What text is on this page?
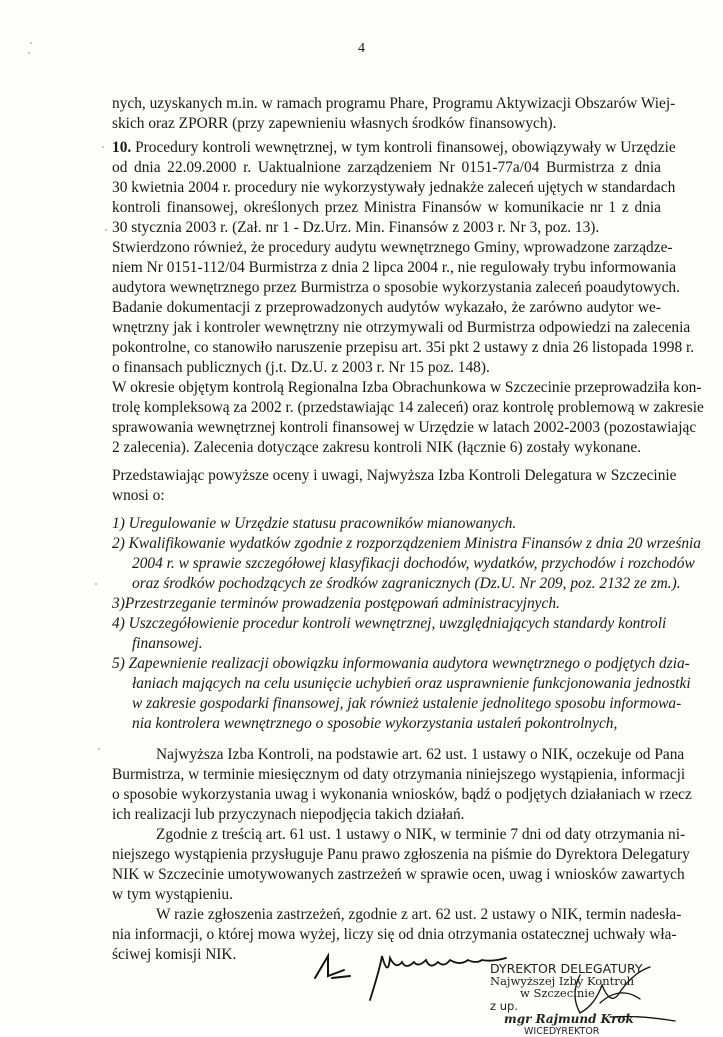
4
nych, uzyskanych m.in. w ramach programu Phare, Programu Aktywizacji Obszarów Wiej-
skich oraz ZPORR (przy zapewnieniu własnych środków finansowych).
10. Procedury kontroli wewnętrznej, w tym kontroli finansowej, obowiązywały w Urzędzie
od dnia 22.09.2000 r. Uaktualnione zarządzeniem Nr 0151-77a/04 Burmistrza z dnia
30 kwietnia 2004 r. procedury nie wykorzystywały jednakże zaleceń ujętych w standardach
kontroli finansowej, określonych przez Ministra Finansów w komunikacie nr 1 z dnia
30 stycznia 2003 r. (Zał. nr 1 - Dz.Urz. Min. Finansów z 2003 r. Nr 3, poz. 13).
Stwierdzono również, że procedury audytu wewnętrznego Gminy, wprowadzone zarządze-
niem Nr 0151-112/04 Burmistrza z dnia 2 lipca 2004 r., nie regulowały trybu informowania
audytora wewnętrznego przez Burmistrza o sposobie wykorzystania zaleceń poaudytowych.
Badanie dokumentacji z przeprowadzonych audytów wykazało, że zarówno audytor we-
wnętrzny jak i kontroler wewnętrzny nie otrzymywali od Burmistrza odpowiedzi na zalecenia
pokontrolne, co stanowiło naruszenie przepisu art. 35i pkt 2 ustawy z dnia 26 listopada 1998 r.
o finansach publicznych (j.t. Dz.U. z 2003 r. Nr 15 poz. 148).
W okresie objętym kontrolą Regionalna Izba Obrachunkowa w Szczecinie przeprowadziła kon-
trolę kompleksową za 2002 r. (przedstawiając 14 zaleceń) oraz kontrolę problemową w zakresie
sprawowania wewnętrznej kontroli finansowej w Urzędzie w latach 2002-2003 (pozostawiając
2 zalecenia). Zalecenia dotyczące zakresu kontroli NIK (łącznie 6) zostały wykonane.
Przedstawiając powyższe oceny i uwagi, Najwyższa Izba Kontroli Delegatura w Szczecinie
wnosi o:
1) Uregulowanie w Urzędzie statusu pracowników mianowanych.
2) Kwalifikowanie wydatków zgodnie z rozporządzeniem Ministra Finansów z dnia 20 września
2004 r. w sprawie szczegółowej klasyfikacji dochodów, wydatków, przychodów i rozchodów
oraz środków pochodzących ze środków zagranicznych (Dz.U. Nr 209, poz. 2132 ze zm.).
3)Przestrzeganie terminów prowadzenia postępowań administracyjnych.
4) Uszczegółowienie procedur kontroli wewnętrznej, uwzględniających standardy kontroli
finansowej.
5) Zapewnienie realizacji obowiązku informowania audytora wewnętrznego o podjętych dzia-
łaniach mających na celu usunięcie uchybień oraz usprawnienie funkcjonowania jednostki
w zakresie gospodarki finansowej, jak również ustalenie jednolitego sposobu informowa-
nia kontrolera wewnętrznego o sposobie wykorzystania ustaleń pokontrolnych,
Najwyższa Izba Kontroli, na podstawie art. 62 ust. 1 ustawy o NIK, oczekuje od Pana
Burmistrza, w terminie miesięcznym od daty otrzymania niniejszego wystąpienia, informacji
o sposobie wykorzystania uwag i wykonania wniosków, bądź o podjętych działaniach w rzecz
ich realizacji lub przyczynach niepodjęcia takich działań.
Zgodnie z treścią art. 61 ust. 1 ustawy o NIK, w terminie 7 dni od daty otrzymania ni-
niejszego wystąpienia przysługuje Panu prawo zgłoszenia na piśmie do Dyrektora Delegatury
NIK w Szczecinie umotywowanych zastrzeżeń w sprawie ocen, uwag i wniosków zawartych
w tym wystąpieniu.
W razie zgłoszenia zastrzeżeń, zgodnie z art. 62 ust. 2 ustawy o NIK, termin nadesła-
nia informacji, o której mowa wyżej, liczy się od dnia otrzymania ostatecznej uchwały wła-
ściwej komisji NIK.
DYREKTOR DELEGATURY
Najwyższej Izby Kontroli
w Szczecinie
z up.
mgr Rajmund Krok
WICEDYREKTOR
